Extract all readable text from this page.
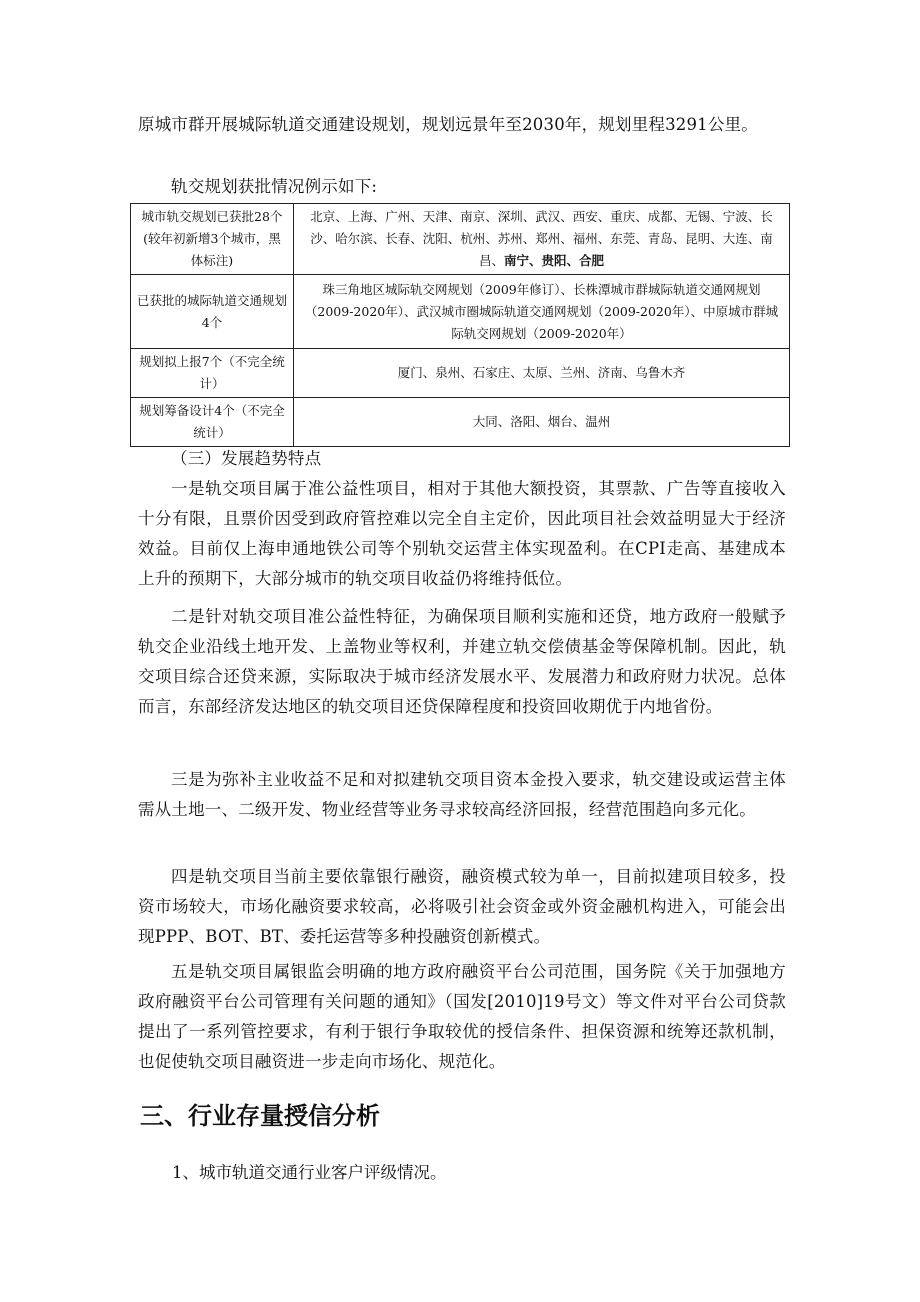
原城市群开展城际轨道交通建设规划，规划远景年至2030年，规划里程3291公里。

轨交规划获批情况例示如下:

城市轨交规划已获批28个(较年初新增3个城市，黑体标注)	北京、上海、广州、天津、南京、深圳、武汉、西安、重庆、成都、无锡、宁波、长沙、哈尔滨、长春、沈阳、杭州、苏州、郑州、福州、东莞、青岛、昆明、大连、南昌、南宁、贵阳、合肥
已获批的城际轨道交通规划4个	珠三角地区城际轨交网规划（2009年修订）、长株潭城市群城际轨道交通网规划（2009-2020年）、武汉城市圈城际轨道交通网规划（2009-2020年）、中原城市群城际轨交网规划（2009-2020年）
规划拟上报7个（不完全统计）	厦门、泉州、石家庄、太原、兰州、济南、乌鲁木齐
规划筹备设计4个（不完全统计）	大同、洛阳、烟台、温州

（三）发展趋势特点

一是轨交项目属于准公益性项目，相对于其他大额投资，其票款、广告等直接收入十分有限，且票价因受到政府管控难以完全自主定价，因此项目社会效益明显大于经济效益。目前仅上海申通地铁公司等个别轨交运营主体实现盈利。在CPI走高、基建成本上升的预期下，大部分城市的轨交项目收益仍将维持低位。

二是针对轨交项目准公益性特征，为确保项目顺利实施和还贷，地方政府一般赋予轨交企业沿线土地开发、上盖物业等权利，并建立轨交偿债基金等保障机制。因此，轨交项目综合还贷来源，实际取决于城市经济发展水平、发展潜力和政府财力状况。总体而言，东部经济发达地区的轨交项目还贷保障程度和投资回收期优于内地省份。

三是为弥补主业收益不足和对拟建轨交项目资本金投入要求，轨交建设或运营主体需从土地一、二级开发、物业经营等业务寻求较高经济回报，经营范围趋向多元化。

四是轨交项目当前主要依靠银行融资，融资模式较为单一，目前拟建项目较多，投资市场较大，市场化融资要求较高，必将吸引社会资金或外资金融机构进入，可能会出现PPP、BOT、BT、委托运营等多种投融资创新模式。

五是轨交项目属银监会明确的地方政府融资平台公司范围，国务院《关于加强地方政府融资平台公司管理有关问题的通知》（国发[2010]19号文）等文件对平台公司贷款提出了一系列管控要求，有利于银行争取较优的授信条件、担保资源和统筹还款机制，也促使轨交项目融资进一步走向市场化、规范化。

三、行业存量授信分析

1、城市轨道交通行业客户评级情况。
